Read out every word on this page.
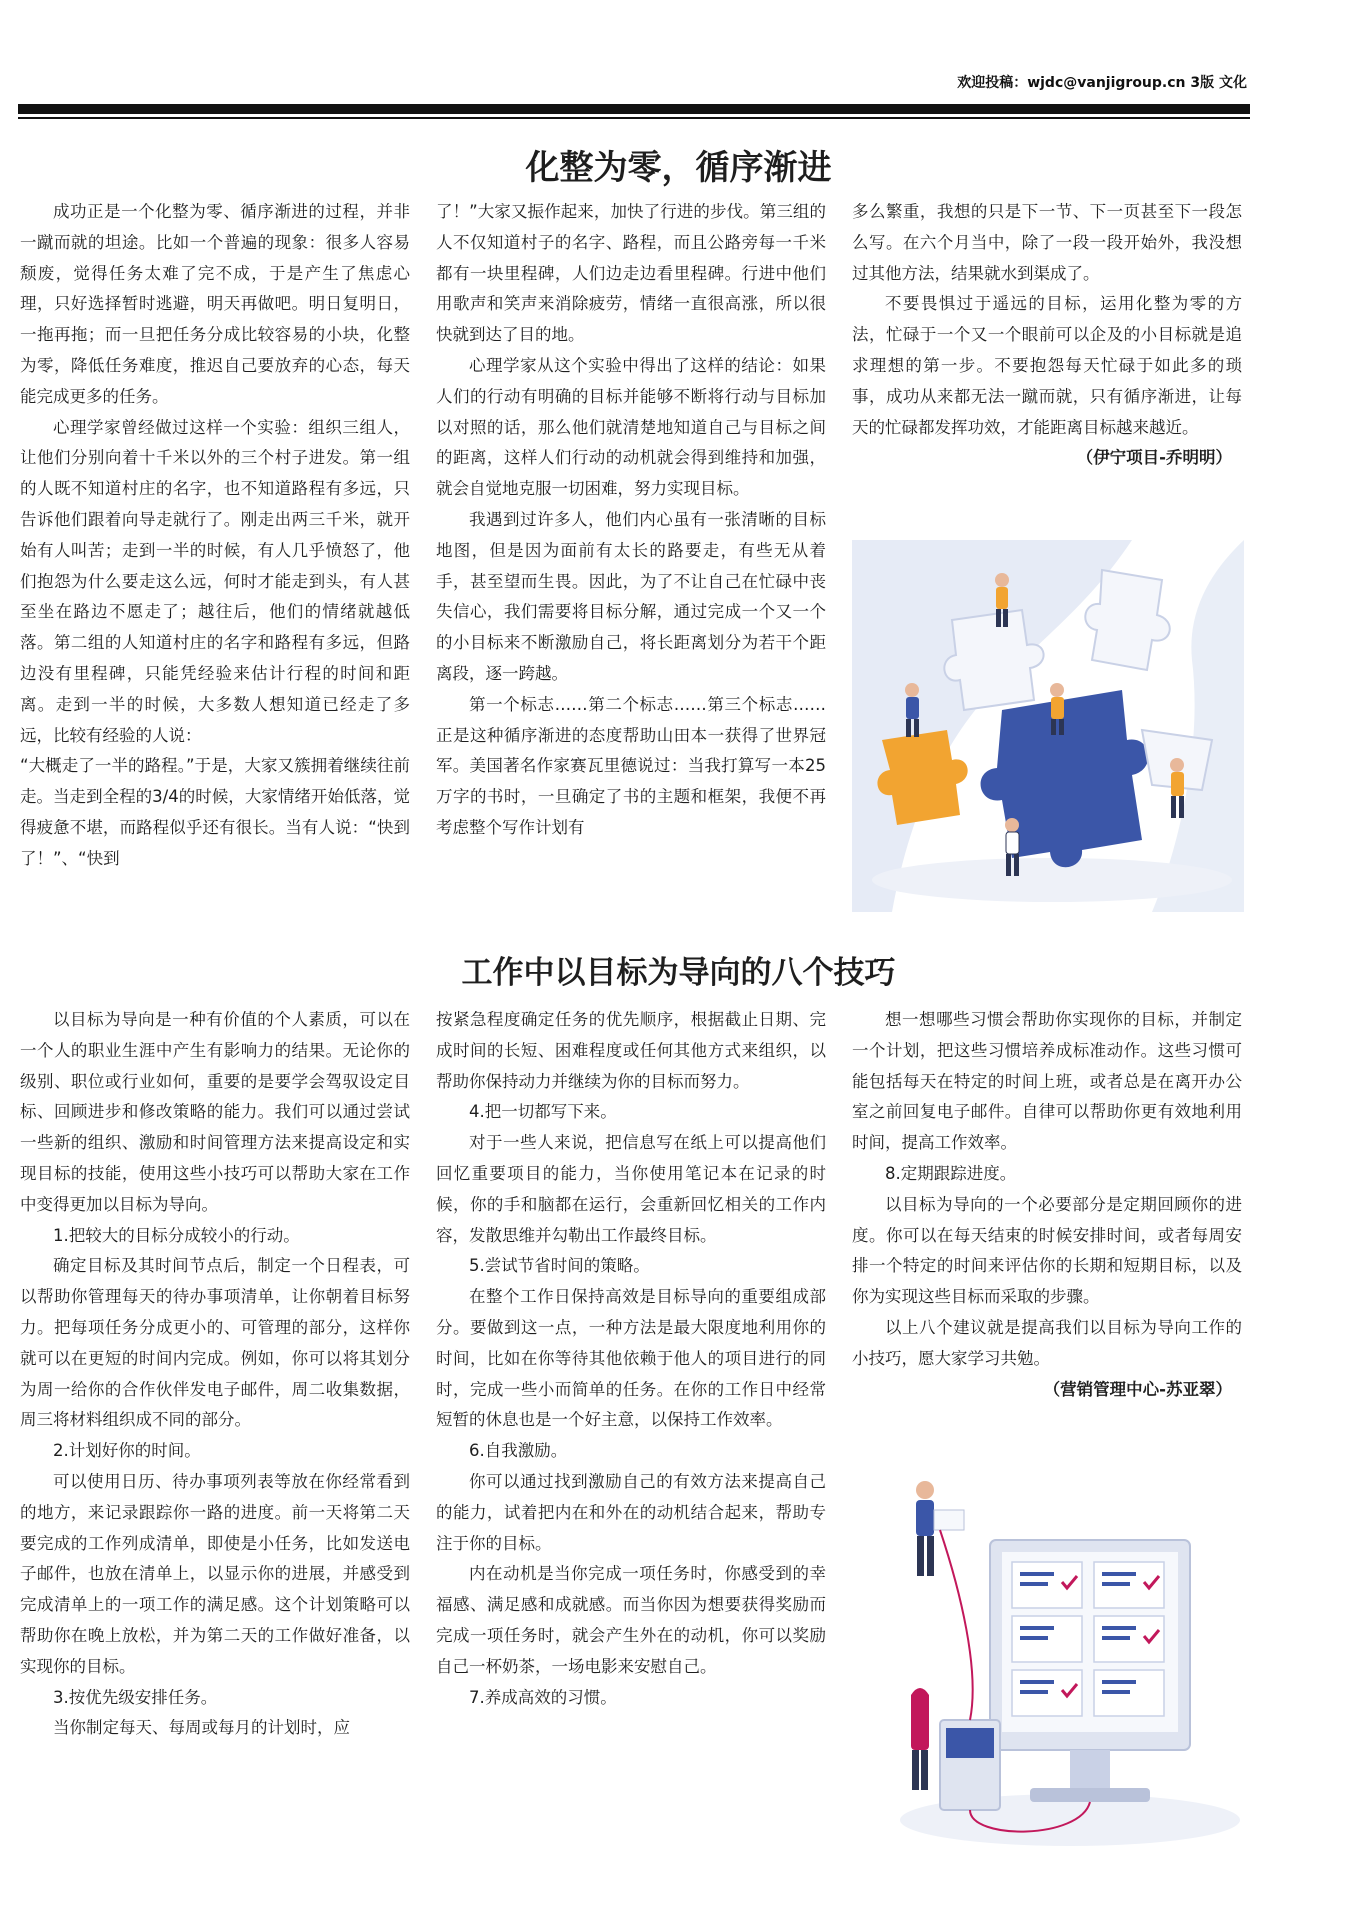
欢迎投稿：wjdc@vanjigroup.cn 3版 文化
化整为零，循序渐进

成功正是一个化整为零、循序渐进的过程，并非一蹴而就的坦途。比如一个普遍的现象：很多人容易颓废，觉得任务太难了完不成，于是产生了焦虑心理，只好选择暂时逃避，明天再做吧。明日复明日，一拖再拖；而一旦把任务分成比较容易的小块，化整为零，降低任务难度，推迟自己要放弃的心态，每天能完成更多的任务。

心理学家曾经做过这样一个实验：组织三组人，让他们分别向着十千米以外的三个村子进发。第一组的人既不知道村庄的名字，也不知道路程有多远，只告诉他们跟着向导走就行了。刚走出两三千米，就开始有人叫苦；走到一半的时候，有人几乎愤怒了，他们抱怨为什么要走这么远，何时才能走到头，有人甚至坐在路边不愿走了；越往后，他们的情绪就越低落。第二组的人知道村庄的名字和路程有多远，但路边没有里程碑，只能凭经验来估计行程的时间和距离。走到一半的时候，大多数人想知道已经走了多远，比较有经验的人说：

“大概走了一半的路程。”于是，大家又簇拥着继续往前走。当走到全程的3/4的时候，大家情绪开始低落，觉得疲惫不堪，而路程似乎还有很长。当有人说：“快到了！”、“快到

了！”大家又振作起来，加快了行进的步伐。第三组的人不仅知道村子的名字、路程，而且公路旁每一千米都有一块里程碑，人们边走边看里程碑。行进中他们用歌声和笑声来消除疲劳，情绪一直很高涨，所以很快就到达了目的地。

心理学家从这个实验中得出了这样的结论：如果人们的行动有明确的目标并能够不断将行动与目标加以对照的话，那么他们就清楚地知道自己与目标之间的距离，这样人们行动的动机就会得到维持和加强，就会自觉地克服一切困难，努力实现目标。

我遇到过许多人，他们内心虽有一张清晰的目标地图，但是因为面前有太长的路要走，有些无从着手，甚至望而生畏。因此，为了不让自己在忙碌中丧失信心，我们需要将目标分解，通过完成一个又一个的小目标来不断激励自己，将长距离划分为若干个距离段，逐一跨越。

第一个标志……第二个标志……第三个标志……正是这种循序渐进的态度帮助山田本一获得了世界冠军。美国著名作家赛瓦里德说过：当我打算写一本25万字的书时，一旦确定了书的主题和框架，我便不再考虑整个写作计划有

多么繁重，我想的只是下一节、下一页甚至下一段怎么写。在六个月当中，除了一段一段开始外，我没想过其他方法，结果就水到渠成了。

不要畏惧过于遥远的目标，运用化整为零的方法，忙碌于一个又一个眼前可以企及的小目标就是追求理想的第一步。不要抱怨每天忙碌于如此多的琐事，成功从来都无法一蹴而就，只有循序渐进，让每天的忙碌都发挥功效，才能距离目标越来越近。

（伊宁项目-乔明明）

工作中以目标为导向的八个技巧

以目标为导向是一种有价值的个人素质，可以在一个人的职业生涯中产生有影响力的结果。无论你的级别、职位或行业如何，重要的是要学会驾驭设定目标、回顾进步和修改策略的能力。我们可以通过尝试一些新的组织、激励和时间管理方法来提高设定和实现目标的技能，使用这些小技巧可以帮助大家在工作中变得更加以目标为导向。

1.把较大的目标分成较小的行动。

确定目标及其时间节点后，制定一个日程表，可以帮助你管理每天的待办事项清单，让你朝着目标努力。把每项任务分成更小的、可管理的部分，这样你就可以在更短的时间内完成。例如，你可以将其划分为周一给你的合作伙伴发电子邮件，周二收集数据，周三将材料组织成不同的部分。

2.计划好你的时间。

可以使用日历、待办事项列表等放在你经常看到的地方，来记录跟踪你一路的进度。前一天将第二天要完成的工作列成清单，即使是小任务，比如发送电子邮件，也放在清单上，以显示你的进展，并感受到完成清单上的一项工作的满足感。这个计划策略可以帮助你在晚上放松，并为第二天的工作做好准备，以实现你的目标。

3.按优先级安排任务。

当你制定每天、每周或每月的计划时，应

按紧急程度确定任务的优先顺序，根据截止日期、完成时间的长短、困难程度或任何其他方式来组织，以帮助你保持动力并继续为你的目标而努力。

4.把一切都写下来。

对于一些人来说，把信息写在纸上可以提高他们回忆重要项目的能力，当你使用笔记本在记录的时候，你的手和脑都在运行，会重新回忆相关的工作内容，发散思维并勾勒出工作最终目标。

5.尝试节省时间的策略。

在整个工作日保持高效是目标导向的重要组成部分。要做到这一点，一种方法是最大限度地利用你的时间，比如在你等待其他依赖于他人的项目进行的同时，完成一些小而简单的任务。在你的工作日中经常短暂的休息也是一个好主意，以保持工作效率。

6.自我激励。

你可以通过找到激励自己的有效方法来提高自己的能力，试着把内在和外在的动机结合起来，帮助专注于你的目标。

内在动机是当你完成一项任务时，你感受到的幸福感、满足感和成就感。而当你因为想要获得奖励而完成一项任务时，就会产生外在的动机，你可以奖励自己一杯奶茶，一场电影来安慰自己。

7.养成高效的习惯。

想一想哪些习惯会帮助你实现你的目标，并制定一个计划，把这些习惯培养成标准动作。这些习惯可能包括每天在特定的时间上班，或者总是在离开办公室之前回复电子邮件。自律可以帮助你更有效地利用时间，提高工作效率。

8.定期跟踪进度。

以目标为导向的一个必要部分是定期回顾你的进度。你可以在每天结束的时候安排时间，或者每周安排一个特定的时间来评估你的长期和短期目标，以及你为实现这些目标而采取的步骤。

以上八个建议就是提高我们以目标为导向工作的小技巧，愿大家学习共勉。

（营销管理中心-苏亚翠）
